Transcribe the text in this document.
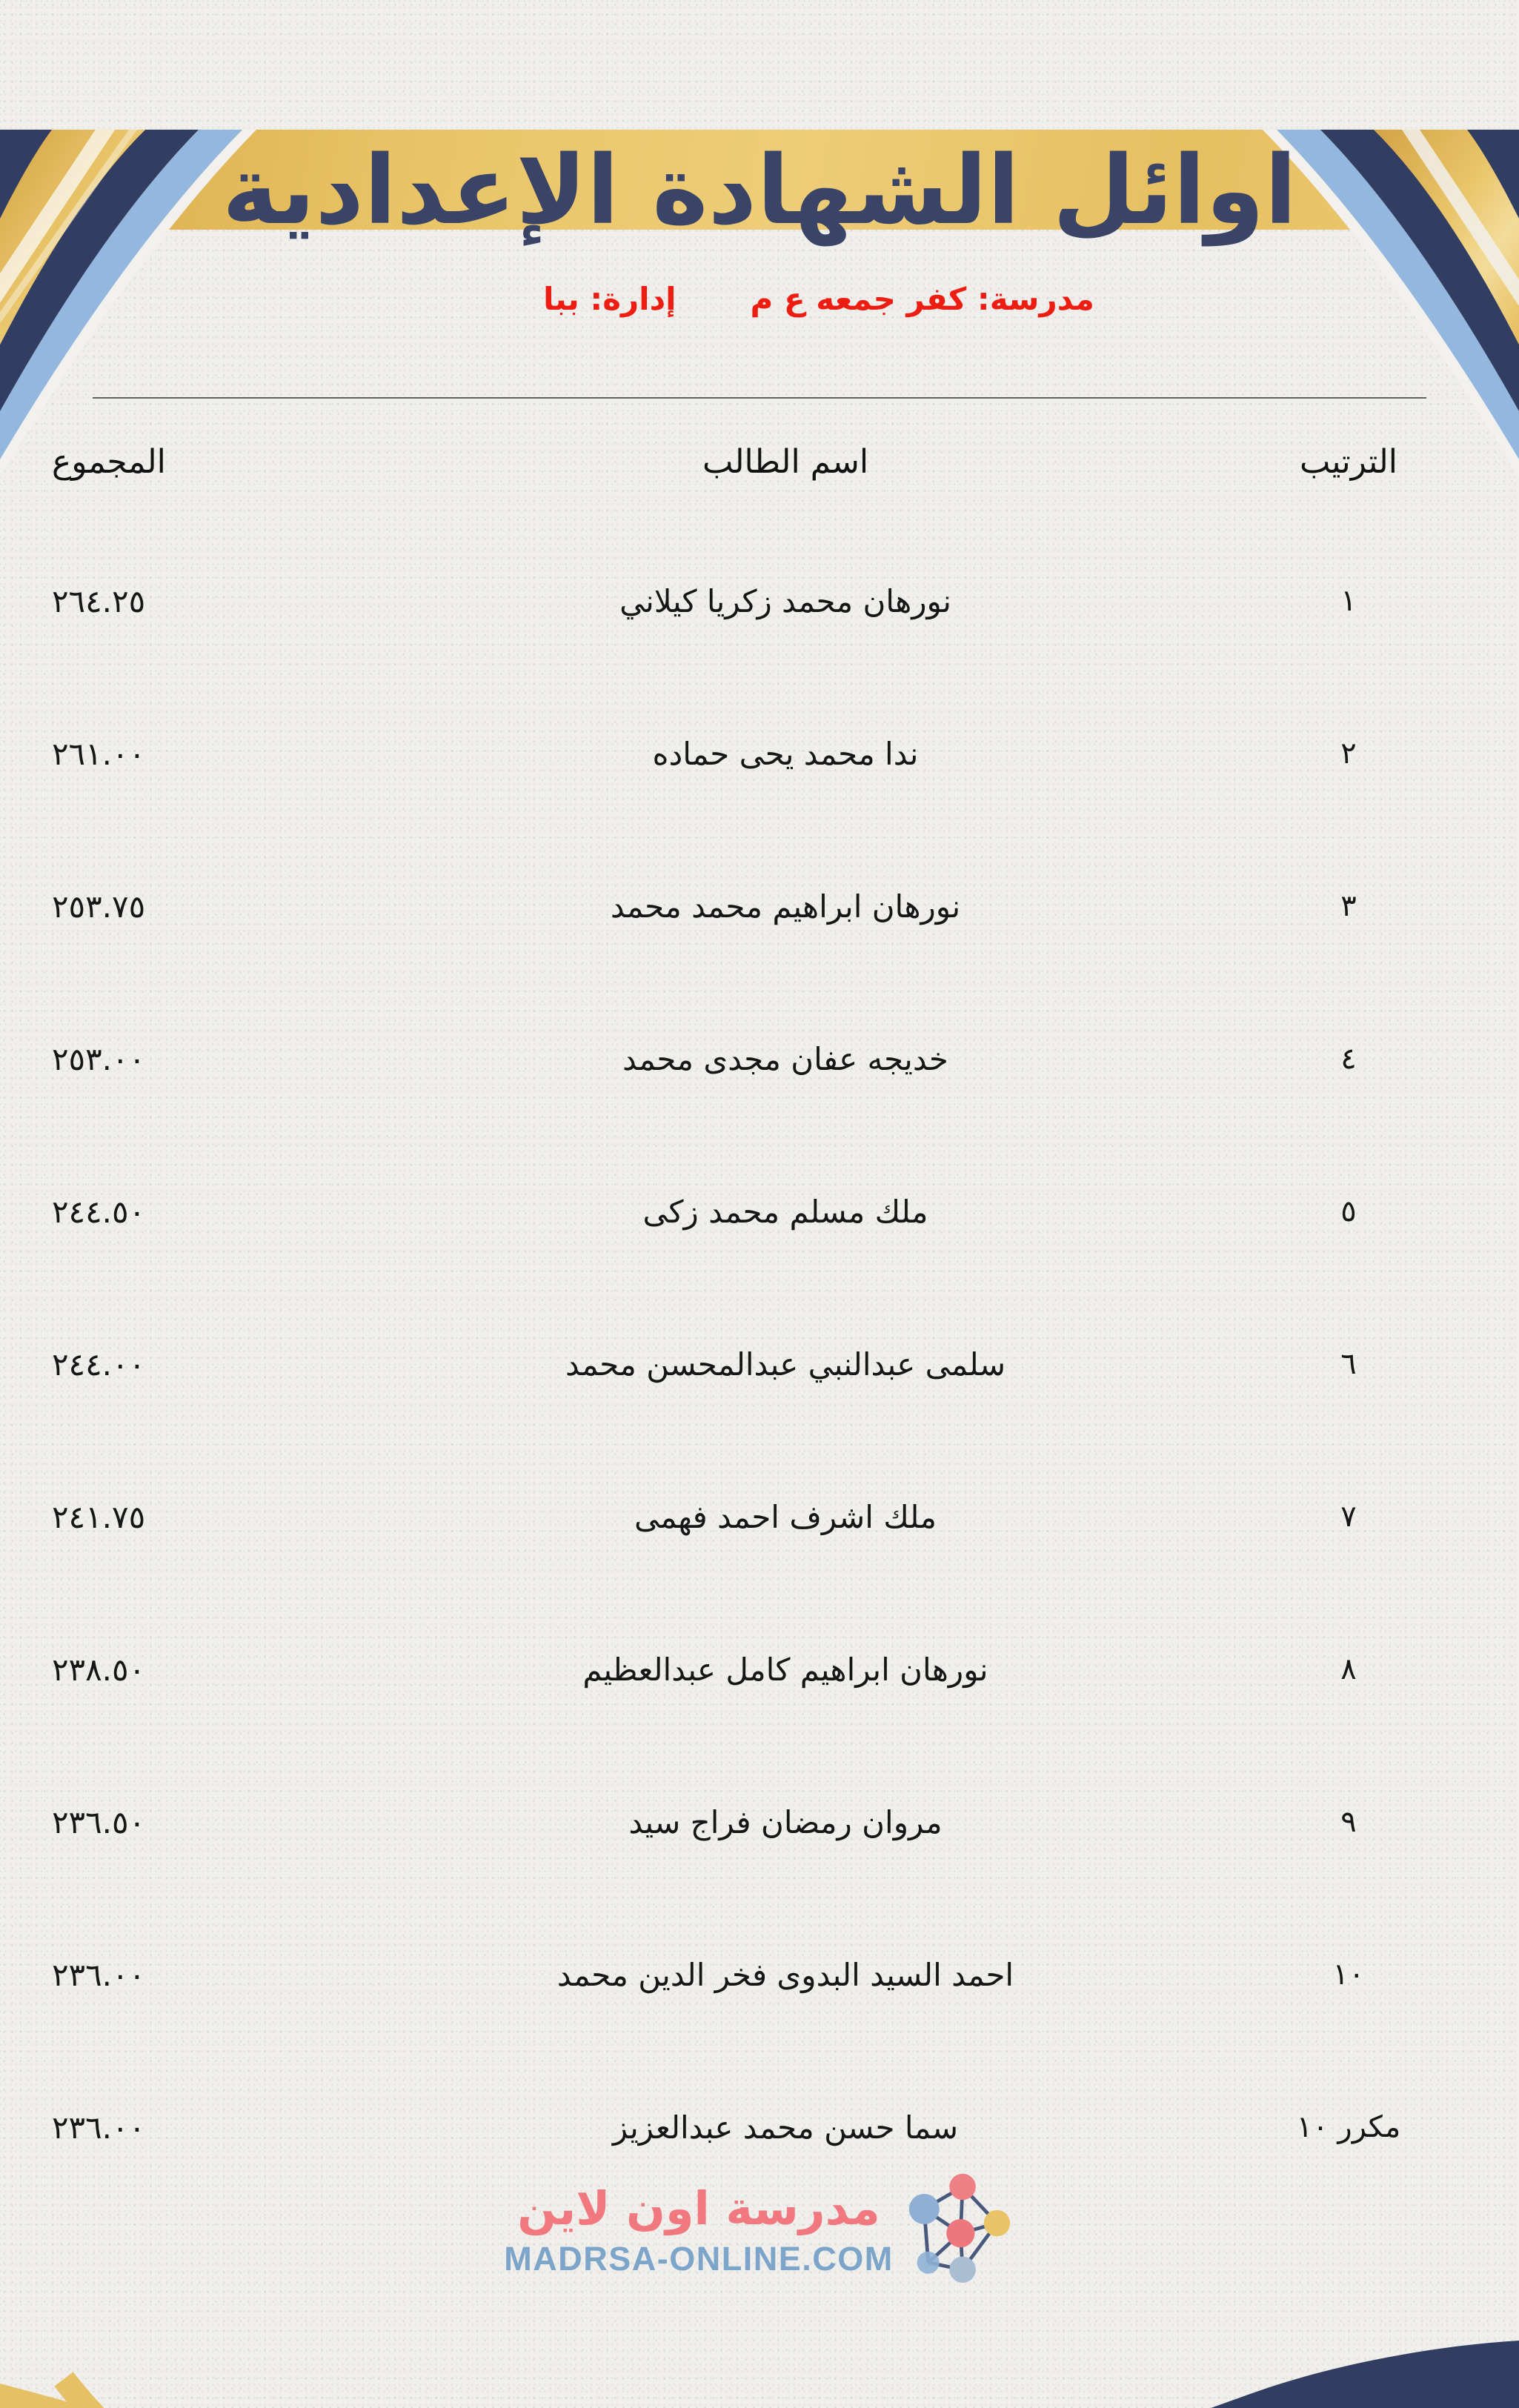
اوائل الشهادة الإعدادية
مدرسة: كفر جمعه ع م
إدارة: ببا
الترتيب
اسم الطالب
المجموع
١
نورهان محمد زكريا كيلاني
٢٦٤.٢٥
٢
ندا محمد يحى حماده
٢٦١.٠٠
٣
نورهان ابراهيم محمد محمد
٢٥٣.٧٥
٤
خديجه عفان مجدى محمد
٢٥٣.٠٠
٥
ملك مسلم محمد زكى
٢٤٤.٥٠
٦
سلمى عبدالنبي عبدالمحسن محمد
٢٤٤.٠٠
٧
ملك اشرف احمد فهمى
٢٤١.٧٥
٨
نورهان ابراهيم كامل عبدالعظيم
٢٣٨.٥٠
٩
مروان رمضان فراج سيد
٢٣٦.٥٠
١٠
احمد السيد البدوى فخر الدين محمد
٢٣٦.٠٠
مكرر ١٠
سما حسن محمد عبدالعزيز
٢٣٦.٠٠
مدرسة اون لاين
MADRSA-ONLINE.COM
